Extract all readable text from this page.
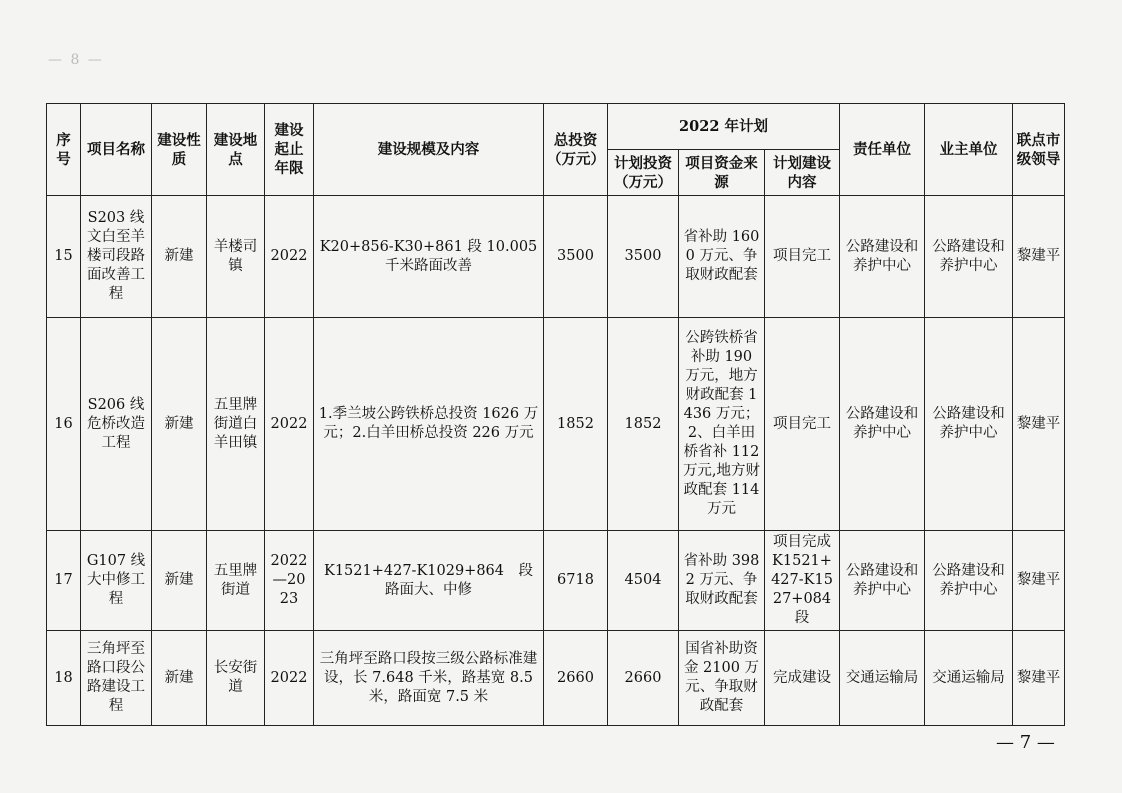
— 8 —
序号	项目名称	建设性质	建设地点	建设起止年限	建设规模及内容	总投资（万元）	2022 年计划			责任单位	业主单位	联点市级领导
							计划投资（万元）	项目资金来源	计划建设内容			
15	S203 线文白至羊楼司段路面改善工程	新建	羊楼司镇	2022	K20+856-K30+861 段 10.005 千米路面改善	3500	3500	省补助 1600 万元、争取财政配套	项目完工	公路建设和养护中心	公路建设和养护中心	黎建平
16	S206 线危桥改造工程	新建	五里牌街道白羊田镇	2022	1.季兰坡公跨铁桥总投资 1626 万元；2.白羊田桥总投资 226 万元	1852	1852	公跨铁桥省补助 190 万元，地方财政配套 1436 万元；2、白羊田桥省补 112 万元,地方财政配套 114 万元	项目完工	公路建设和养护中心	公路建设和养护中心	黎建平
17	G107 线大中修工程	新建	五里牌街道	2022—2023	K1521+427-K1029+864　段路面大、中修	6718	4504	省补助 3982 万元、争取财政配套	项目完成 K1521+427-K1527+084 段	公路建设和养护中心	公路建设和养护中心	黎建平
18	三角坪至路口段公路建设工程	新建	长安街道	2022	三角坪至路口段按三级公路标准建设，长 7.648 千米，路基宽 8.5 米，路面宽 7.5 米	2660	2660	国省补助资金 2100 万元、争取财政配套	完成建设	交通运输局	交通运输局	黎建平
— 7 —
